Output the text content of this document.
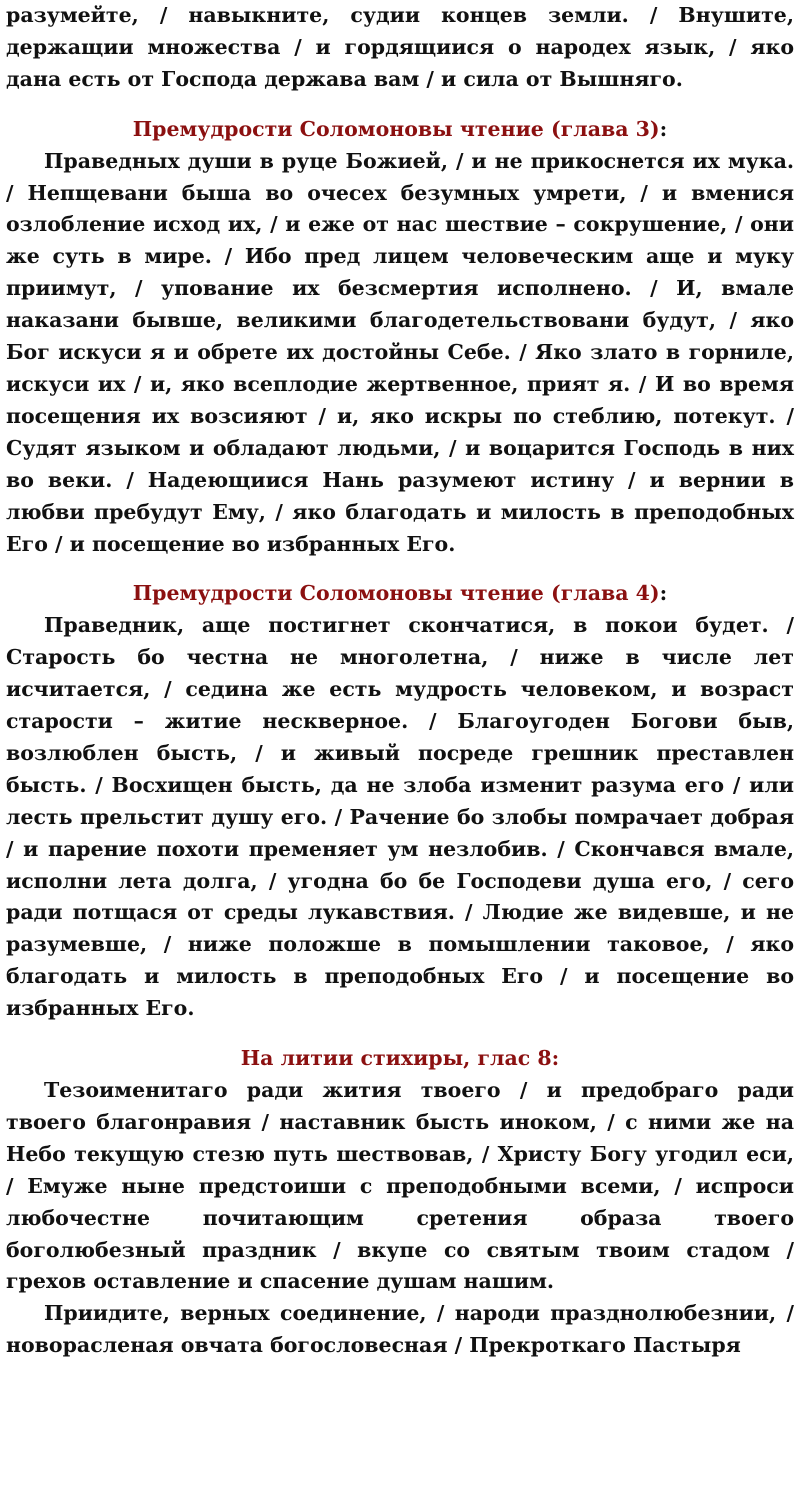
разумейте, / навыкните, судии концев земли. / Внушите, держащии множества / и гордящиися о народех язык, / яко дана есть от Господа держава вам / и сила от Вышняго.

Премудрости Соломоновы чтение (глава 3):

Праведных души в руце Божией, / и не прикоснется их мука. / Непщевани быша во очесех безумных умрети, / и вменися озлобление исход их, / и еже от нас шествие – сокрушение, / они же суть в мире. / Ибо пред лицем человеческим аще и муку приимут, / упование их безсмертия исполнено. / И, вмале наказани бывше, великими благодетельствовани будут, / яко Бог искуси я и обрете их достойны Себе. / Яко злато в горниле, искуси их / и, яко всеплодие жертвенное, прият я. / И во время посещения их возсияют / и, яко искры по стеблию, потекут. / Судят языком и обладают людьми, / и воцарится Господь в них во веки. / Надеющиися Нань разумеют истину / и вернии в любви пребудут Ему, / яко благодать и милость в преподобных Его / и посещение во избранных Его.

Премудрости Соломоновы чтение (глава 4):

Праведник, аще постигнет скончатися, в покои будет. / Старость бо честна не многолетна, / ниже в числе лет исчитается, / седина же есть мудрость человеком, и возраст старости – житие нескверное. / Благоугоден Богови быв, возлюблен бысть, / и живый посреде грешник преставлен бысть. / Восхищен бысть, да не злоба изменит разума его / или лесть прельстит душу его. / Рачение бо злобы помрачает добрая / и парение похоти пременяет ум незлобив. / Скончався вмале, исполни лета долга, / угодна бо бе Господеви душа его, / сего ради потщася от среды лукавствия. / Людие же видевше, и не разумевше, / ниже положше в помышлении таковое, / яко благодать и милость в преподобных Его / и посещение во избранных Его.

На литии стихиры, глас 8:

Тезоименитаго ради жития твоего / и предобраго ради твоего благонравия / наставник бысть иноком, / с ними же на Небо текущую стезю путь шествовав, / Христу Богу угодил еси, / Емуже ныне предстоиши с преподобными всеми, / испроси любочестне почитающим сретения образа твоего боголюбезный праздник / вкупе со святым твоим стадом / грехов оставление и спасение душам нашим.

Приидите, верных соединение, / народи празднолюбезнии, / новорасленая овчата богословесная / Прекроткаго Пастыря
